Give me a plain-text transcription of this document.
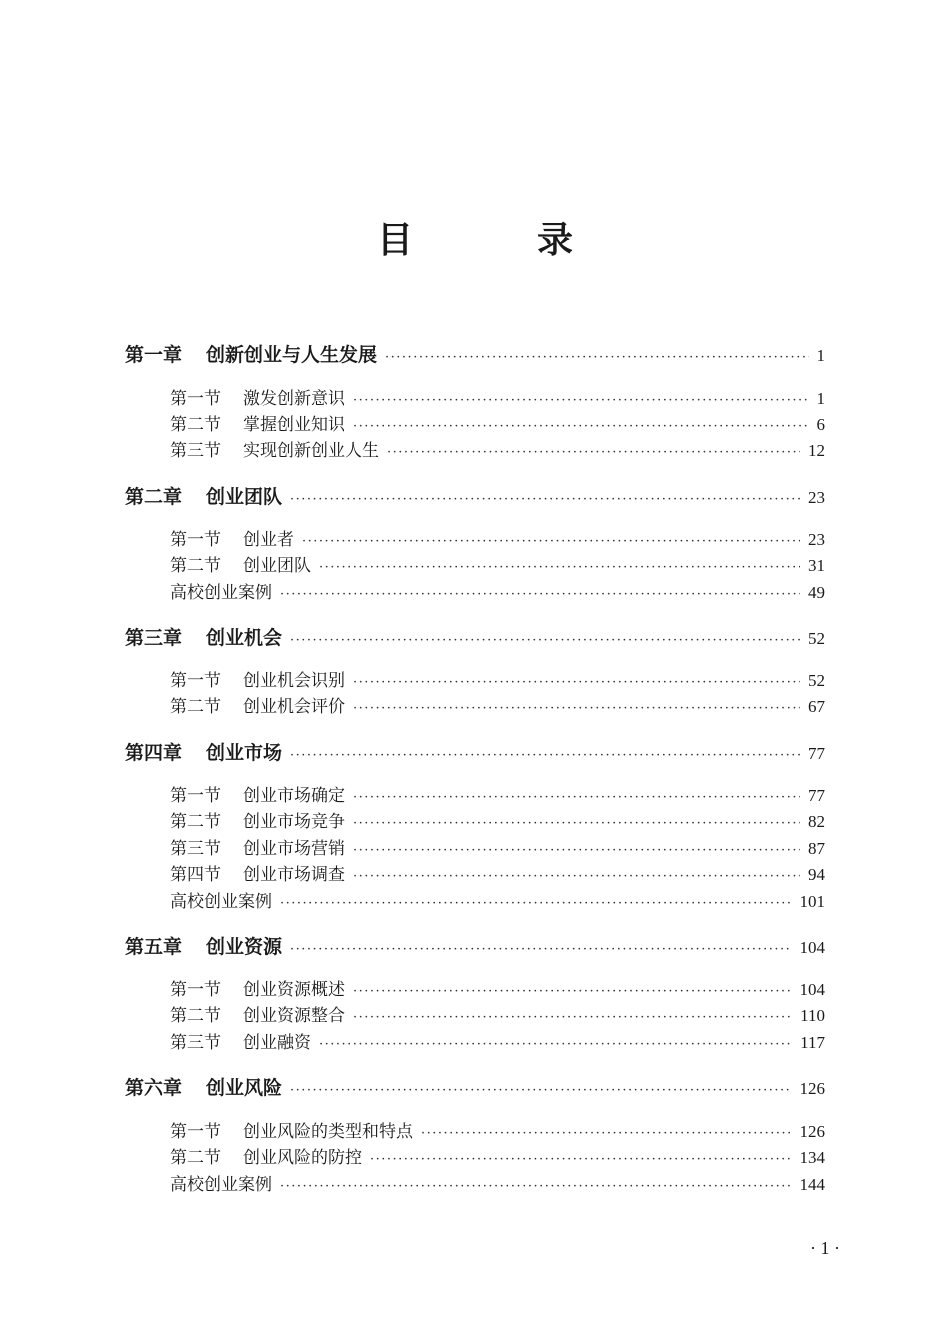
目　录
第一章 创新创业与人生发展 ·····	1
第一节 激发创新意识 ·····	1
第二节 掌握创业知识 ·····	6
第三节 实现创新创业人生 ·····	12
第二章 创业团队 ·····	23
第一节 创业者 ·····	23
第二节 创业团队 ·····	31
高校创业案例 ·····	49
第三章 创业机会 ·····	52
第一节 创业机会识别 ·····	52
第二节 创业机会评价 ·····	67
第四章 创业市场 ·····	77
第一节 创业市场确定 ·····	77
第二节 创业市场竞争 ·····	82
第三节 创业市场营销 ·····	87
第四节 创业市场调查 ·····	94
高校创业案例 ·····	101
第五章 创业资源 ·····	104
第一节 创业资源概述 ·····	104
第二节 创业资源整合 ·····	110
第三节 创业融资 ·····	117
第六章 创业风险 ·····	126
第一节 创业风险的类型和特点 ·····	126
第二节 创业风险的防控 ·····	134
高校创业案例 ·····	144
· 1 ·
